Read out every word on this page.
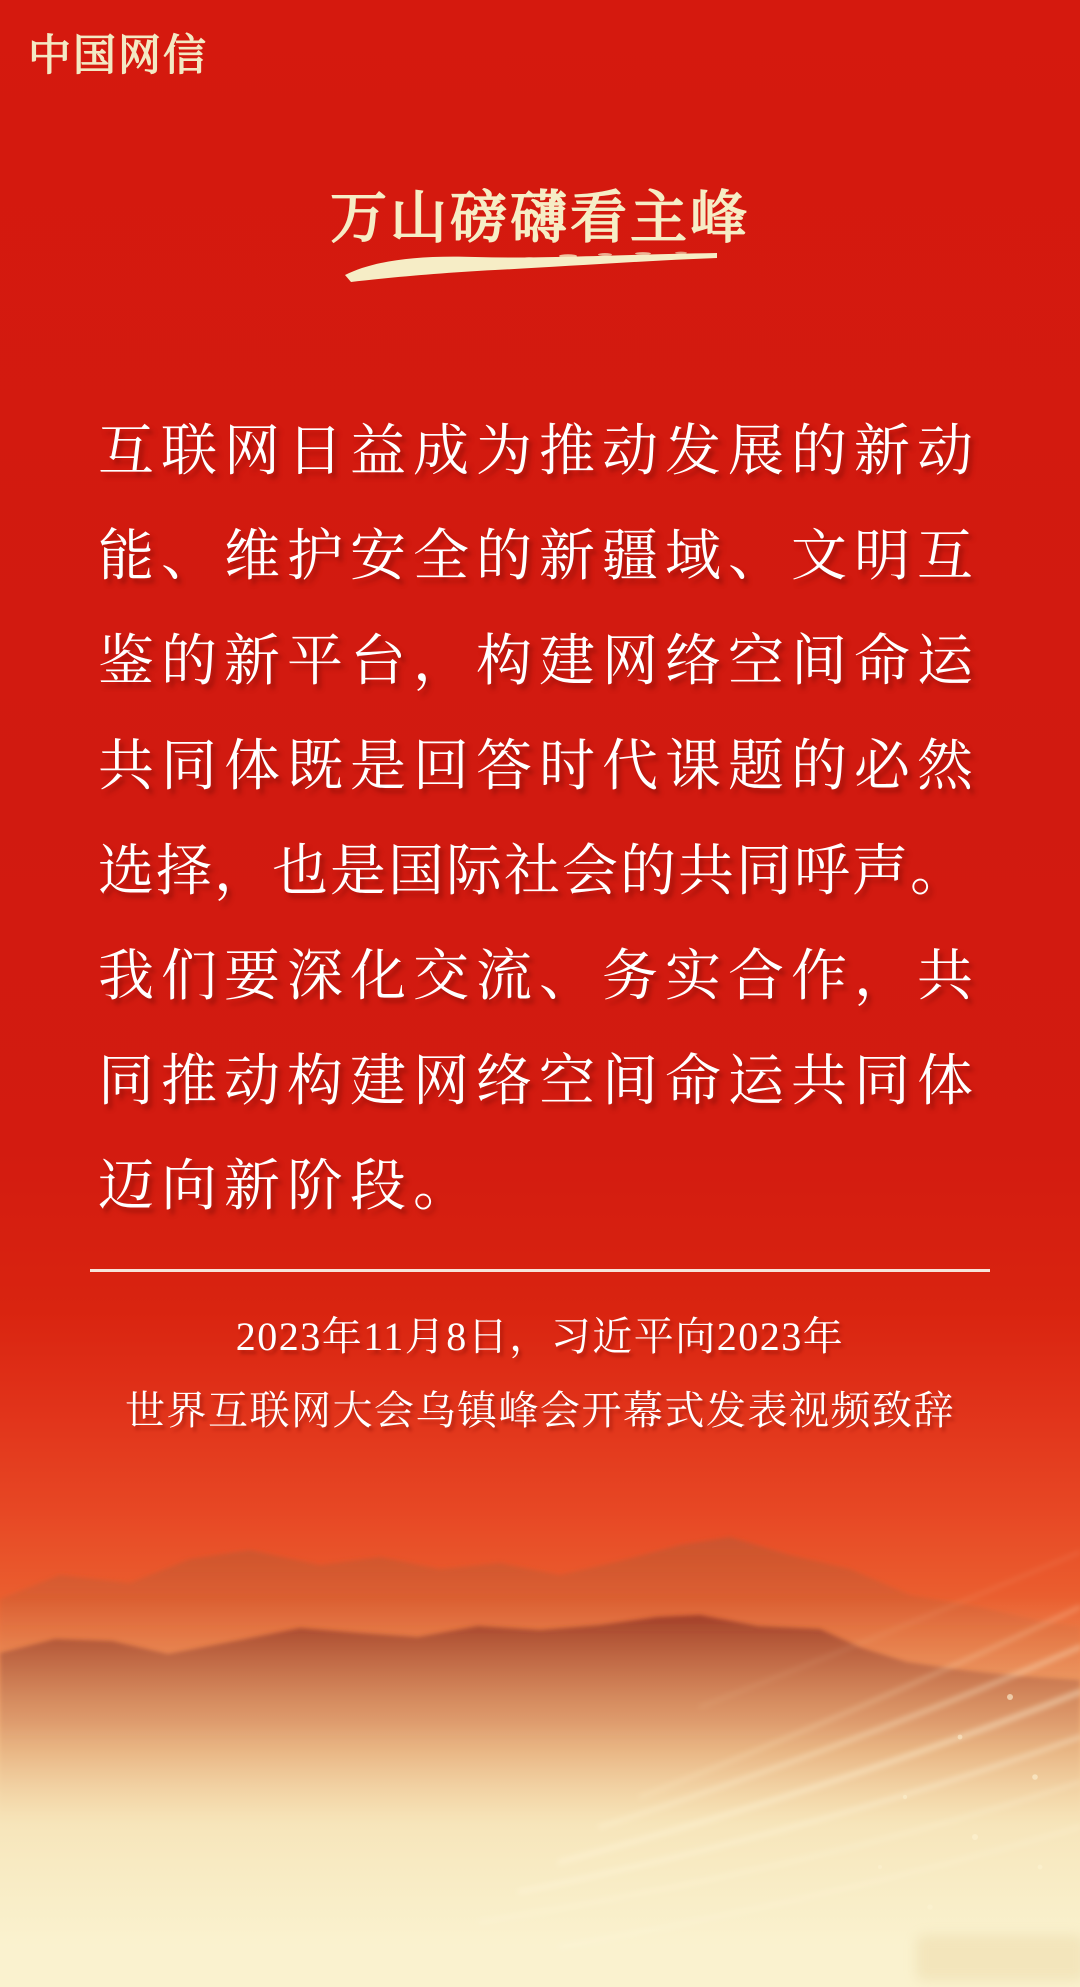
中国网信
万山磅礴看主峰
互联网日益成为推动发展的新动
能、维护安全的新疆域、文明互
鉴的新平台，构建网络空间命运
共同体既是回答时代课题的必然
选择，也是国际社会的共同呼声。
我们要深化交流、务实合作，共
同推动构建网络空间命运共同体
迈向新阶段。
2023年11月8日，习近平向2023年
世界互联网大会乌镇峰会开幕式发表视频致辞
